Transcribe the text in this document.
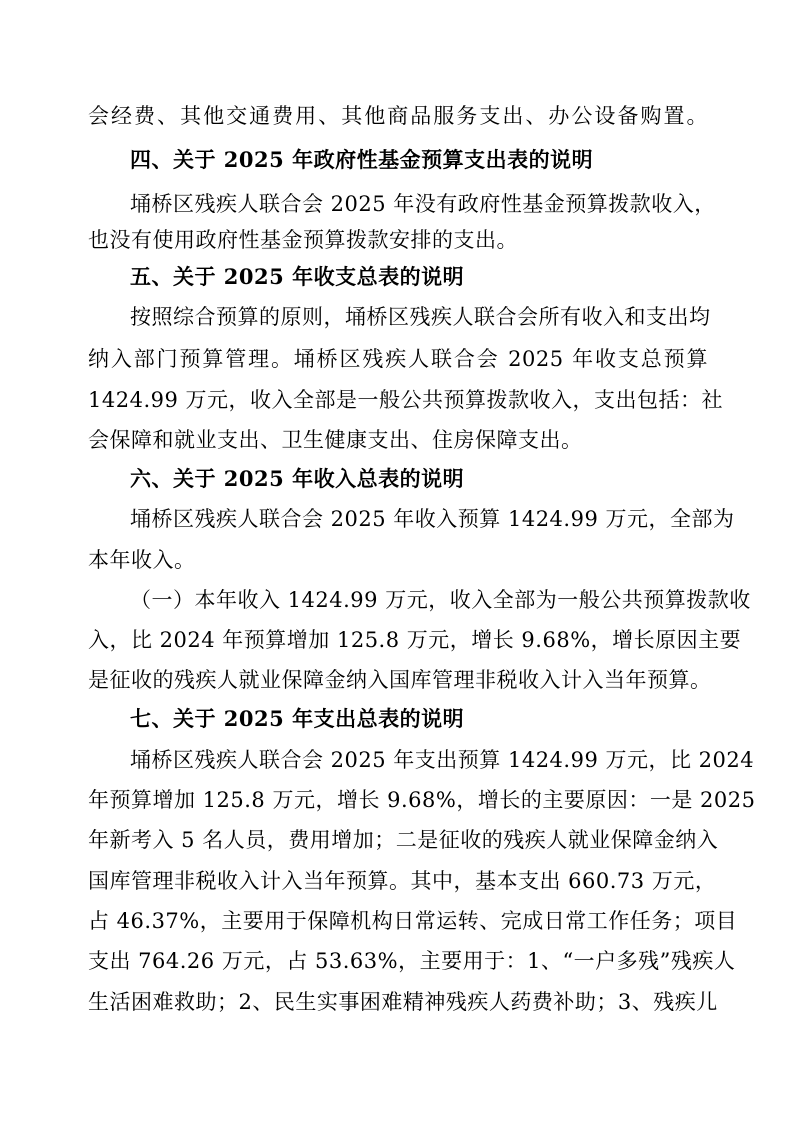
会经费、其他交通费用、其他商品服务支出、办公设备购置。
四、关于 2025 年政府性基金预算支出表的说明
埇桥区残疾人联合会 2025 年没有政府性基金预算拨款收入，
也没有使用政府性基金预算拨款安排的支出。
五、关于 2025 年收支总表的说明
按照综合预算的原则，埇桥区残疾人联合会所有收入和支出均
纳入部门预算管理。埇桥区残疾人联合会 2025 年收支总预算
1424.99 万元，收入全部是一般公共预算拨款收入，支出包括：社
会保障和就业支出、卫生健康支出、住房保障支出。
六、关于 2025 年收入总表的说明
埇桥区残疾人联合会 2025 年收入预算 1424.99 万元，全部为
本年收入。
（一）本年收入 1424.99 万元，收入全部为一般公共预算拨款收
入，比 2024 年预算增加 125.8 万元，增长 9.68%，增长原因主要
是征收的残疾人就业保障金纳入国库管理非税收入计入当年预算。
七、关于 2025 年支出总表的说明
埇桥区残疾人联合会 2025 年支出预算 1424.99 万元，比 2024
年预算增加 125.8 万元，增长 9.68%，增长的主要原因：一是 2025
年新考入 5 名人员，费用增加；二是征收的残疾人就业保障金纳入
国库管理非税收入计入当年预算。其中，基本支出 660.73 万元，
占 46.37%，主要用于保障机构日常运转、完成日常工作任务；项目
支出 764.26 万元，占 53.63%，主要用于：1、“一户多残”残疾人
生活困难救助；2、民生实事困难精神残疾人药费补助；3、残疾儿
